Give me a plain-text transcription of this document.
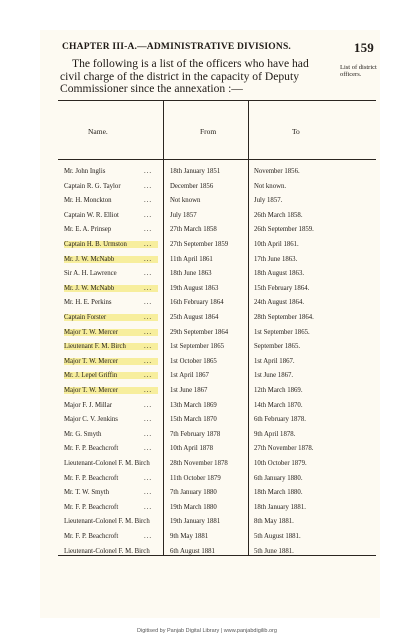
CHAPTER III-A.—ADMINISTRATIVE DIVISIONS.	159
The following is a list of the officers who have had civil charge of the district in the capacity of Deputy Commissioner since the annexation :—
List of district officers.
Name.	From	To
Mr. John Inglis	...	18th January 1851	November 1856.
Captain R. G. Taylor	...	December 1856	Not known.
Mr. H. Monckton	...	Not known	July 1857.
Captain W. R. Elliot	...	July 1857	26th March 1858.
Mr. E. A. Prinsep	...	27th March 1858	26th September 1859.
Captain H. B. Urmston	...	27th September 1859	10th April 1861.
Mr. J. W. McNabb	...	11th April 1861	17th June 1863.
Sir A. H. Lawrence	...	18th June 1863	18th August 1863.
Mr. J. W. McNabb	...	19th August 1863	15th February 1864.
Mr. H. E. Perkins	...	16th February 1864	24th August 1864.
Captain Forster	...	25th August 1864	28th September 1864.
Major T. W. Mercer	...	29th September 1864	1st September 1865.
Lieutenant F. M. Birch	...	1st September 1865	September 1865.
Major T. W. Mercer	...	1st October 1865	1st April 1867.
Mr. J. Lepel Griffin	...	1st April 1867	1st June 1867.
Major T. W. Mercer	...	1st June 1867	12th March 1869.
Major F. J. Millar	...	13th March 1869	14th March 1870.
Major C. V. Jenkins	...	15th March 1870	6th February 1878.
Mr. G. Smyth	...	7th February 1878	9th April 1878.
Mr. F. P. Beachcroft	...	10th April 1878	27th November 1878.
Lieutenant-Colonel F. M. Birch	28th November 1878	10th October 1879.
Mr. F. P. Beachcroft	...	11th October 1879	6th January 1880.
Mr. T. W. Smyth	...	7th January 1880	18th March 1880.
Mr. F. P. Beachcroft	...	19th March 1880	18th January 1881.
Lieutenant-Colonel F. M. Birch	19th January 1881	8th May 1881.
Mr. F. P. Beachcroft	...	9th May 1881	5th August 1881.
Lieutenant-Colonel F. M. Birch	6th August 1881	5th June 1881.
Digitised by Panjab Digital Library | www.panjabdigilib.org
